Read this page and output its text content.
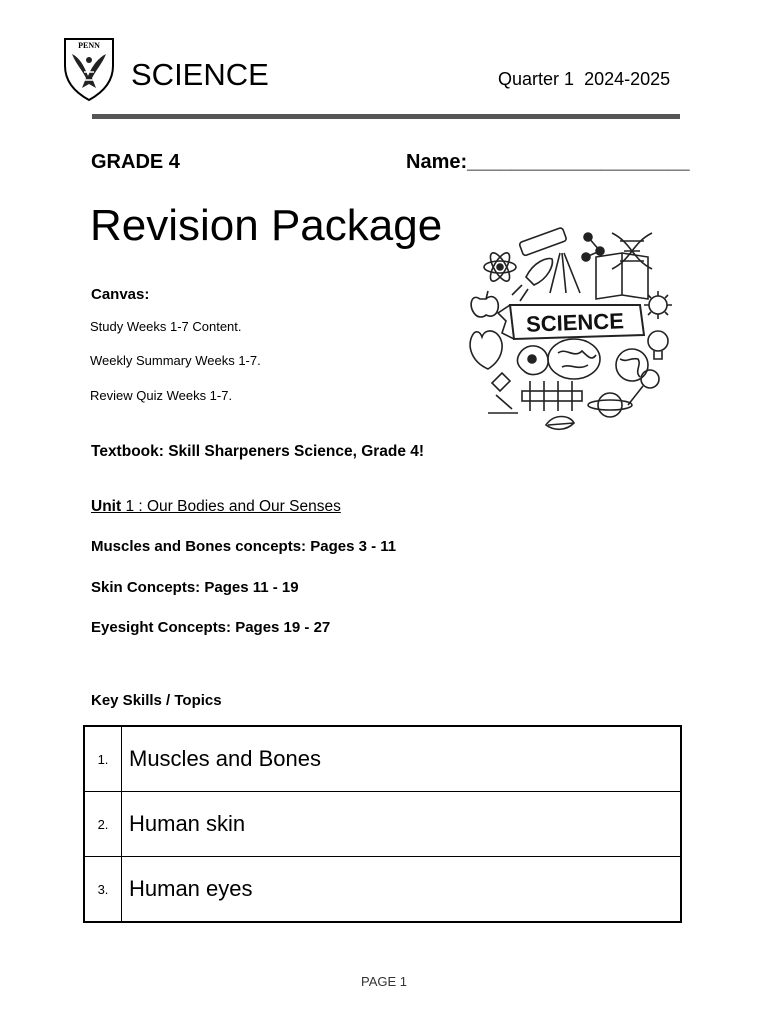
PENN
SCIENCE	Quarter 1 2024-2025
GRADE 4	Name:____________________
Revision Package
Canvas:
Study Weeks 1-7 Content.
Weekly Summary Weeks 1-7.
Review Quiz Weeks 1-7.
SCIENCE
Textbook: Skill Sharpeners Science, Grade 4!
Unit 1 : Our Bodies and Our Senses
Muscles and Bones concepts: Pages 3 - 11
Skin Concepts: Pages 11 - 19
Eyesight Concepts: Pages 19 - 27
Key Skills / Topics
1.	Muscles and Bones
2.	Human skin
3.	Human eyes
PAGE 1
